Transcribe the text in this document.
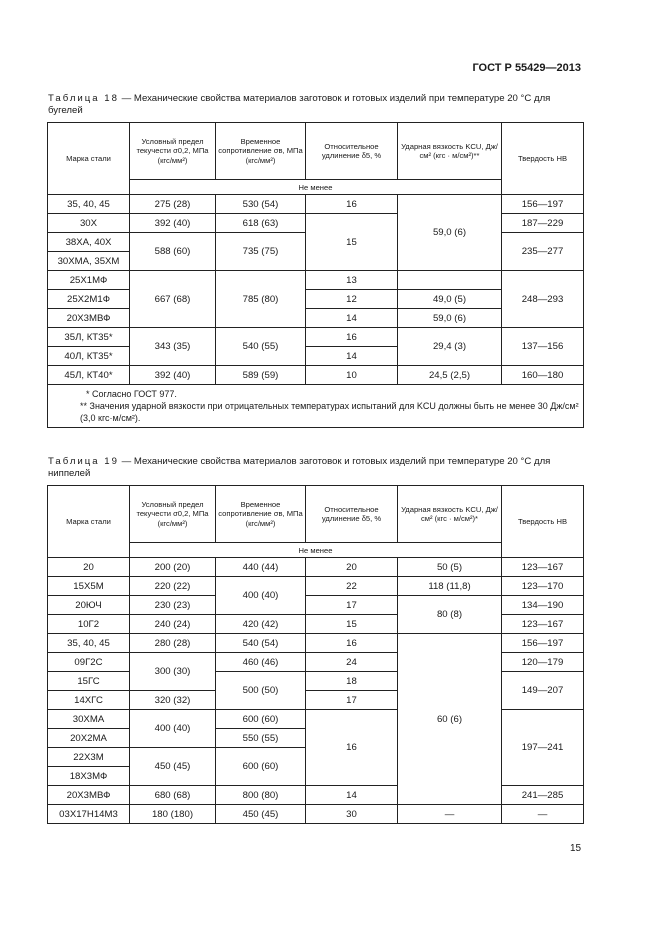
ГОСТ Р 55429—2013
Таблица 18 — Механические свойства материалов заготовок и готовых изделий при температуре 20 °С для бугелей
Марка стали	Условный предел текучести σ0,2, МПа (кгс/мм²)	Временное сопротивление σв, МПа (кгс/мм²)	Относительное удлинение δ5, %	Ударная вязкость KCU, Дж/см² (кгс · м/см²)**	Твердость НВ
	Не менее				
35, 40, 45	275 (28)	530 (54)	16	59,0 (6)	156—197
30Х	392 (40)	618 (63)	15		187—229
38ХА, 40Х	588 (60)	735 (75)			235—277
30ХМА, 35ХМ					
25Х1МФ	667 (68)	785 (80)	13		248—293
25Х2М1Ф			12	49,0 (5)	
20Х3МВФ			14	59,0 (6)	
35Л, КТ35*	343 (35)	540 (55)	16	29,4 (3)	137—156
40Л, КТ35*			14		
45Л, КТ40*	392 (40)	589 (59)	10	24,5 (2,5)	160—180

* Согласно ГОСТ 977.
** Значения ударной вязкости при отрицательных температурах испытаний для KCU должны быть не менее 30 Дж/см² (3,0 кгс·м/см²).					
Таблица 19 — Механические свойства материалов заготовок и готовых изделий при температуре 20 °С для ниппелей
Марка стали	Условный предел текучести σ0,2, МПа (кгс/мм²)	Временное сопротивление σв, МПа (кгс/мм²)	Относительное удлинение δ5, %	Ударная вязкость KCU, Дж/см² (кгс · м/см²)*	Твердость НВ
	Не менее				
20	200 (20)	440 (44)	20	50 (5)	123—167
15Х5М	220 (22)	400 (40)	22	118 (11,8)	123—170
20ЮЧ	230 (23)		17	80 (8)	134—190
10Г2	240 (24)	420 (42)	15		123—167
35, 40, 45	280 (28)	540 (54)	16	60 (6)	156—197
09Г2С	300 (30)	460 (46)	24		120—179
15ГС		500 (50)	18		149—207
14ХГС	320 (32)		17		
30ХМА	400 (40)	600 (60)	16		197—241
20Х2МА		550 (55)			
22Х3М	450 (45)	600 (60)			
18Х3МФ					
20Х3МВФ	680 (68)	800 (80)	14		241—285
03Х17Н14М3	180 (180)	450 (45)	30	—	—
15
